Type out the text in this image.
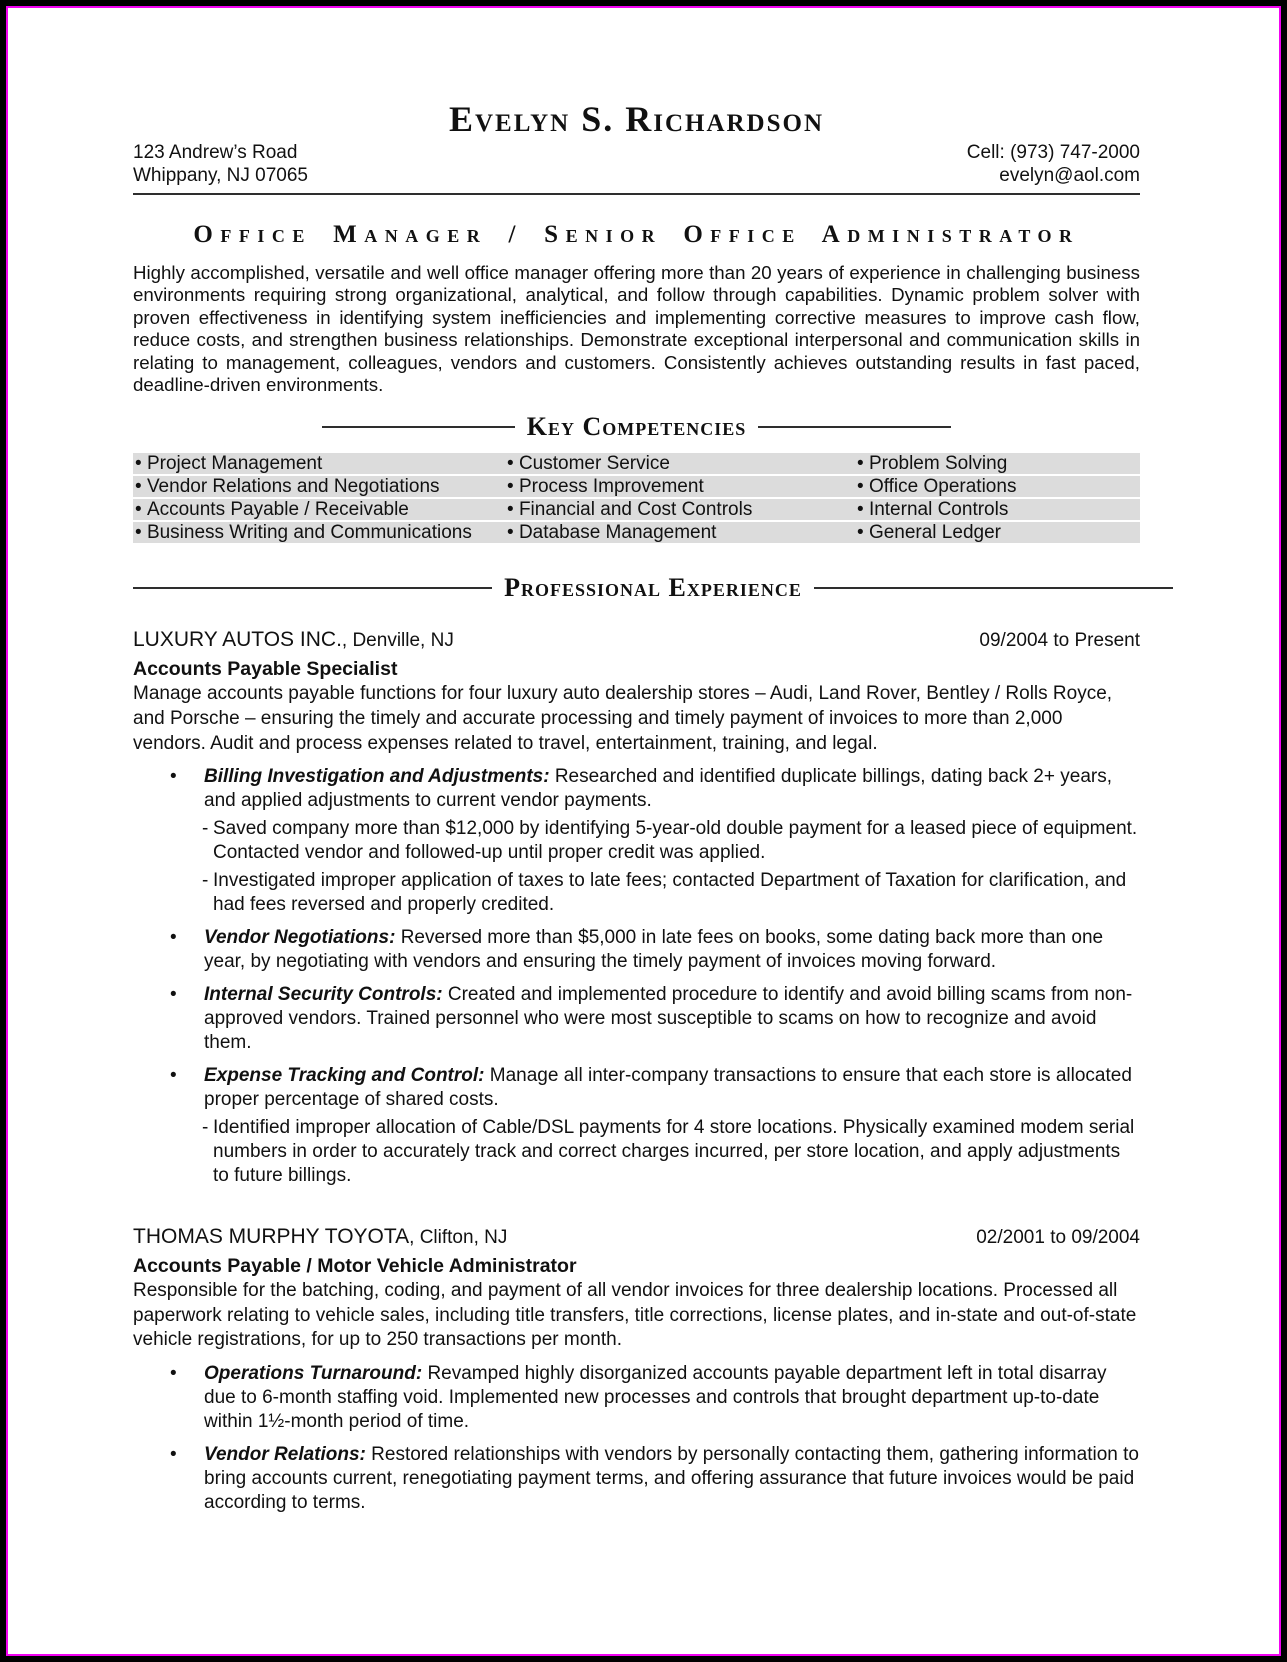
Evelyn S. Richardson
123 Andrew’s Road
Whippany, NJ 07065
Cell: (973) 747-2000
evelyn@aol.com
Office Manager / Senior Office Administrator

Highly accomplished, versatile and well office manager offering more than 20 years of experience in challenging business environments requiring strong organizational, analytical, and follow through capabilities. Dynamic problem solver with proven effectiveness in identifying system inefficiencies and implementing corrective measures to improve cash flow, reduce costs, and strengthen business relationships. Demonstrate exceptional interpersonal and communication skills in relating to management, colleagues, vendors and customers. Consistently achieves outstanding results in fast paced, deadline-driven environments.

Key Competencies
• Project Management	• Customer Service	• Problem Solving
• Vendor Relations and Negotiations	• Process Improvement	• Office Operations
• Accounts Payable / Receivable	• Financial and Cost Controls	• Internal Controls
• Business Writing and Communications	• Database Management	• General Ledger
Professional Experience
LUXURY AUTOS INC., Denville, NJ	09/2004 to Present
Accounts Payable Specialist

Manage accounts payable functions for four luxury auto dealership stores – Audi, Land Rover, Bentley / Rolls Royce, and Porsche – ensuring the timely and accurate processing and timely payment of invoices to more than 2,000 vendors. Audit and process expenses related to travel, entertainment, training, and legal.

• Billing Investigation and Adjustments: Researched and identified duplicate billings, dating back 2+ years, and applied adjustments to current vendor payments.
- Saved company more than $12,000 by identifying 5-year-old double payment for a leased piece of equipment. Contacted vendor and followed-up until proper credit was applied.
- Investigated improper application of taxes to late fees; contacted Department of Taxation for clarification, and had fees reversed and properly credited.
• Vendor Negotiations: Reversed more than $5,000 in late fees on books, some dating back more than one year, by negotiating with vendors and ensuring the timely payment of invoices moving forward.
• Internal Security Controls: Created and implemented procedure to identify and avoid billing scams from non-approved vendors. Trained personnel who were most susceptible to scams on how to recognize and avoid them.
• Expense Tracking and Control: Manage all inter-company transactions to ensure that each store is allocated proper percentage of shared costs.
- Identified improper allocation of Cable/DSL payments for 4 store locations. Physically examined modem serial numbers in order to accurately track and correct charges incurred, per store location, and apply adjustments to future billings.
THOMAS MURPHY TOYOTA, Clifton, NJ	02/2001 to 09/2004
Accounts Payable / Motor Vehicle Administrator

Responsible for the batching, coding, and payment of all vendor invoices for three dealership locations. Processed all paperwork relating to vehicle sales, including title transfers, title corrections, license plates, and in-state and out-of-state vehicle registrations, for up to 250 transactions per month.

• Operations Turnaround: Revamped highly disorganized accounts payable department left in total disarray due to 6-month staffing void. Implemented new processes and controls that brought department up-to-date within 1½-month period of time.
• Vendor Relations: Restored relationships with vendors by personally contacting them, gathering information to bring accounts current, renegotiating payment terms, and offering assurance that future invoices would be paid according to terms.
